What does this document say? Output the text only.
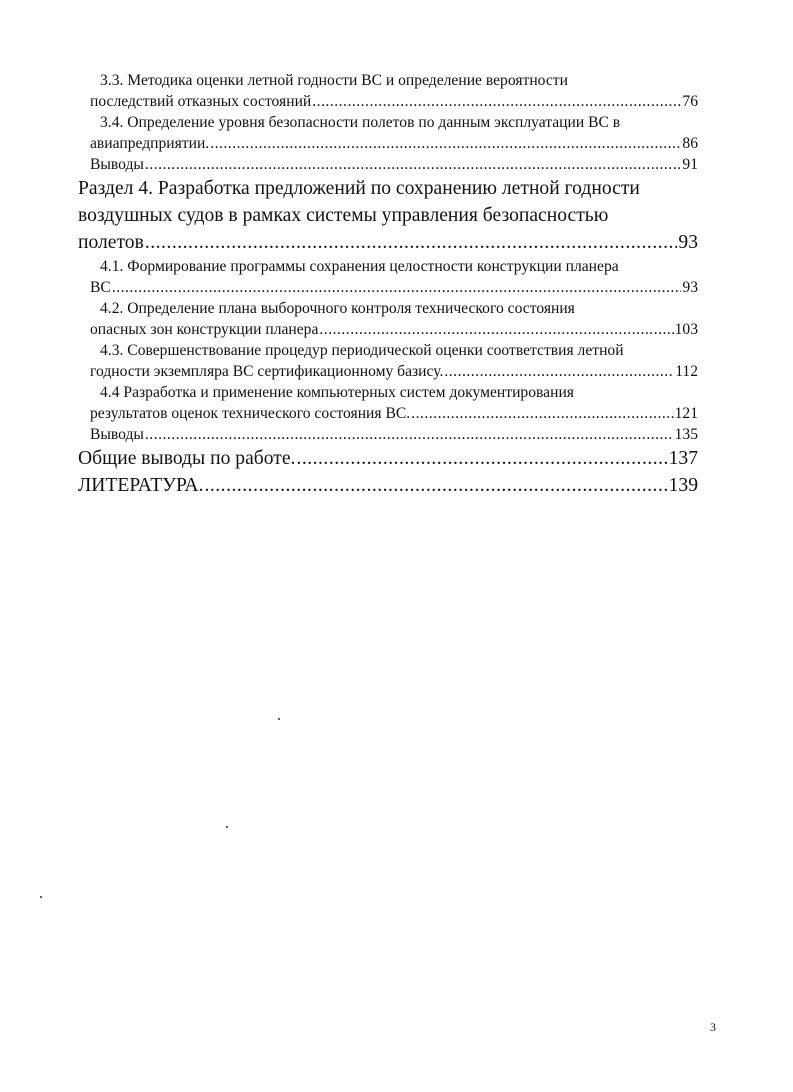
3.3. Методика оценки летной годности ВС и определение вероятности
последствий отказных состояний .....	76
3.4. Определение уровня безопасности полетов по данным эксплуатации ВС в
авиапредприятии. .....	86
Выводы .....	91
Раздел 4. Разработка предложений по сохранению летной годности
воздушных судов в рамках системы управления безопасностью
полетов .....	93
4.1. Формирование программы сохранения целостности конструкции планера
ВС .....	93
4.2. Определение плана выборочного контроля технического состояния
опасных зон конструкции планера .....	103
4.3. Совершенствование процедур периодической оценки соответствия летной
годности экземпляра ВС сертификационному базису. .....	112
4.4 Разработка и применение компьютерных систем документирования
результатов оценок технического состояния ВС. .....	121
Выводы .....	135
Общие выводы по работе. .....	137
ЛИТЕРАТУРА. .....	139
3
